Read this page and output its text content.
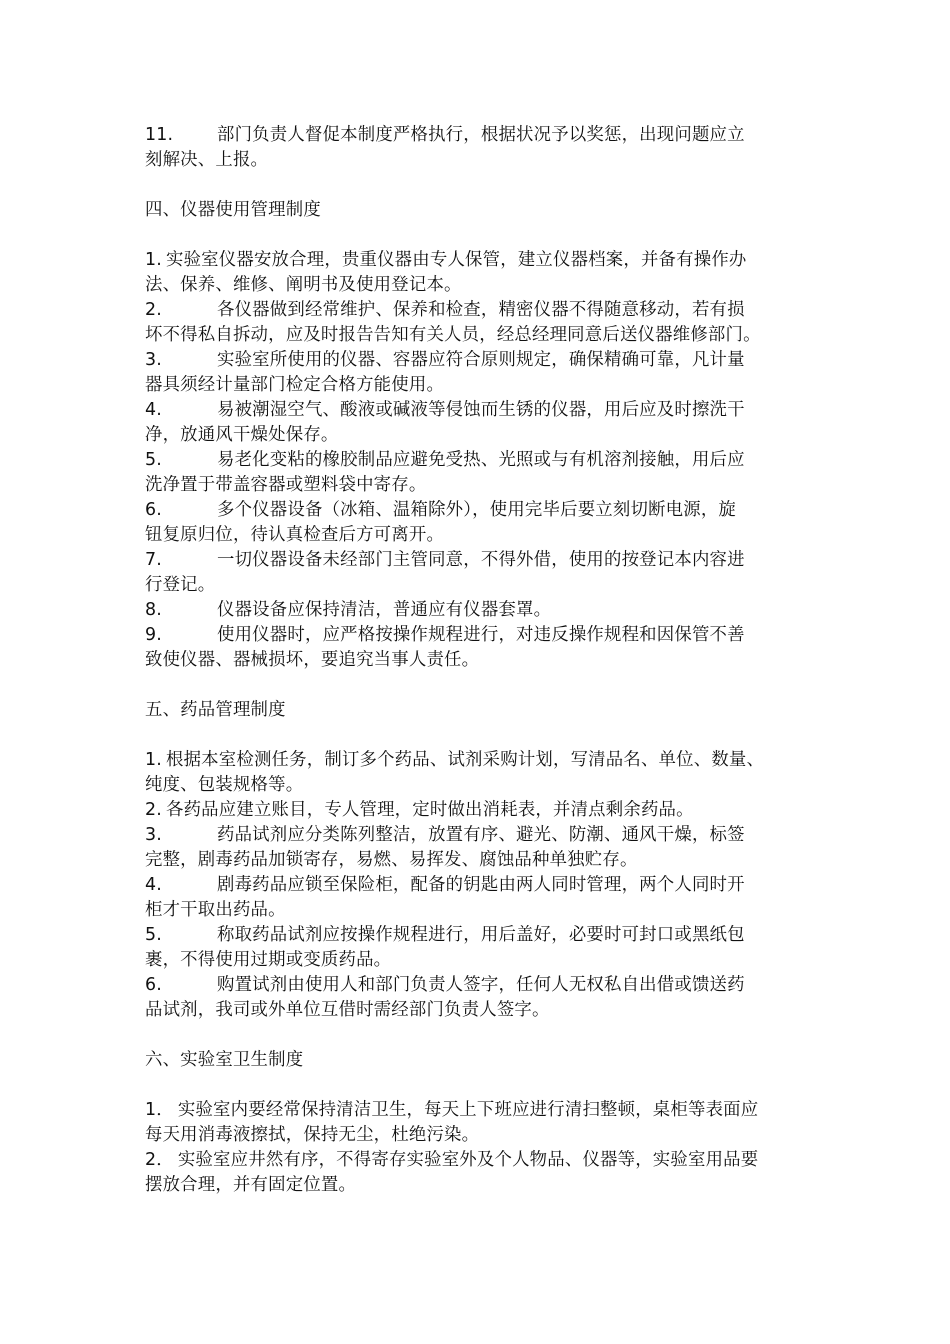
11.	部门负责人督促本制度严格执行，根据状况予以奖惩，出现问题应立
刻解决、上报。
四、仪器使用管理制度
1. 实验室仪器安放合理，贵重仪器由专人保管，建立仪器档案，并备有操作办
法、保养、维修、阐明书及使用登记本。
2.	各仪器做到经常维护、保养和检查，精密仪器不得随意移动，若有损
坏不得私自拆动，应及时报告告知有关人员，经总经理同意后送仪器维修部门。
3.	实验室所使用的仪器、容器应符合原则规定，确保精确可靠，凡计量
器具须经计量部门检定合格方能使用。
4.	易被潮湿空气、酸液或碱液等侵蚀而生锈的仪器，用后应及时擦洗干
净，放通风干燥处保存。
5.	易老化变粘的橡胶制品应避免受热、光照或与有机溶剂接触，用后应
洗净置于带盖容器或塑料袋中寄存。
6.	多个仪器设备（冰箱、温箱除外），使用完毕后要立刻切断电源，旋
钮复原归位，待认真检查后方可离开。
7.	一切仪器设备未经部门主管同意，不得外借，使用的按登记本内容进
行登记。
8.	仪器设备应保持清洁，普通应有仪器套罩。
9.	使用仪器时，应严格按操作规程进行，对违反操作规程和因保管不善
致使仪器、器械损坏，要追究当事人责任。
五、药品管理制度
1. 根据本室检测任务，制订多个药品、试剂采购计划，写清品名、单位、数量、
纯度、包装规格等。
2. 各药品应建立账目，专人管理，定时做出消耗表，并清点剩余药品。
3.	药品试剂应分类陈列整洁，放置有序、避光、防潮、通风干燥，标签
完整，剧毒药品加锁寄存，易燃、易挥发、腐蚀品种单独贮存。
4.	剧毒药品应锁至保险柜，配备的钥匙由两人同时管理，两个人同时开
柜才干取出药品。
5.	称取药品试剂应按操作规程进行，用后盖好，必要时可封口或黑纸包
裹，不得使用过期或变质药品。
6.	购置试剂由使用人和部门负责人签字，任何人无权私自出借或馈送药
品试剂，我司或外单位互借时需经部门负责人签字。
六、实验室卫生制度
1． 实验室内要经常保持清洁卫生，每天上下班应进行清扫整顿，桌柜等表面应
每天用消毒液擦拭，保持无尘，杜绝污染。
2． 实验室应井然有序，不得寄存实验室外及个人物品、仪器等，实验室用品要
摆放合理，并有固定位置。
